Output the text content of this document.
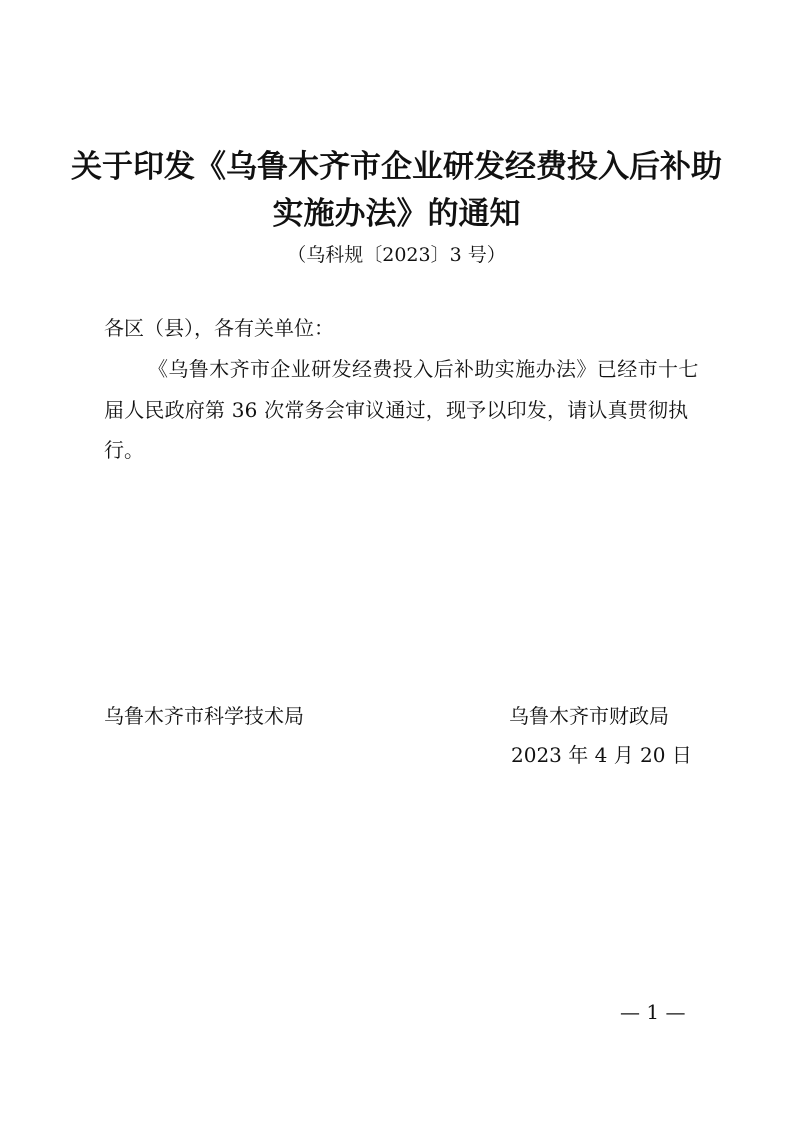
关于印发《乌鲁木齐市企业研发经费投入后补助
实施办法》的通知
（乌科规〔2023〕3 号）
各区（县），各有关单位：
《乌鲁木齐市企业研发经费投入后补助实施办法》已经市十七
届人民政府第 36 次常务会审议通过，现予以印发，请认真贯彻执
行。
乌鲁木齐市科学技术局	乌鲁木齐市财政局
2023 年 4 月 20 日
— 1 —
